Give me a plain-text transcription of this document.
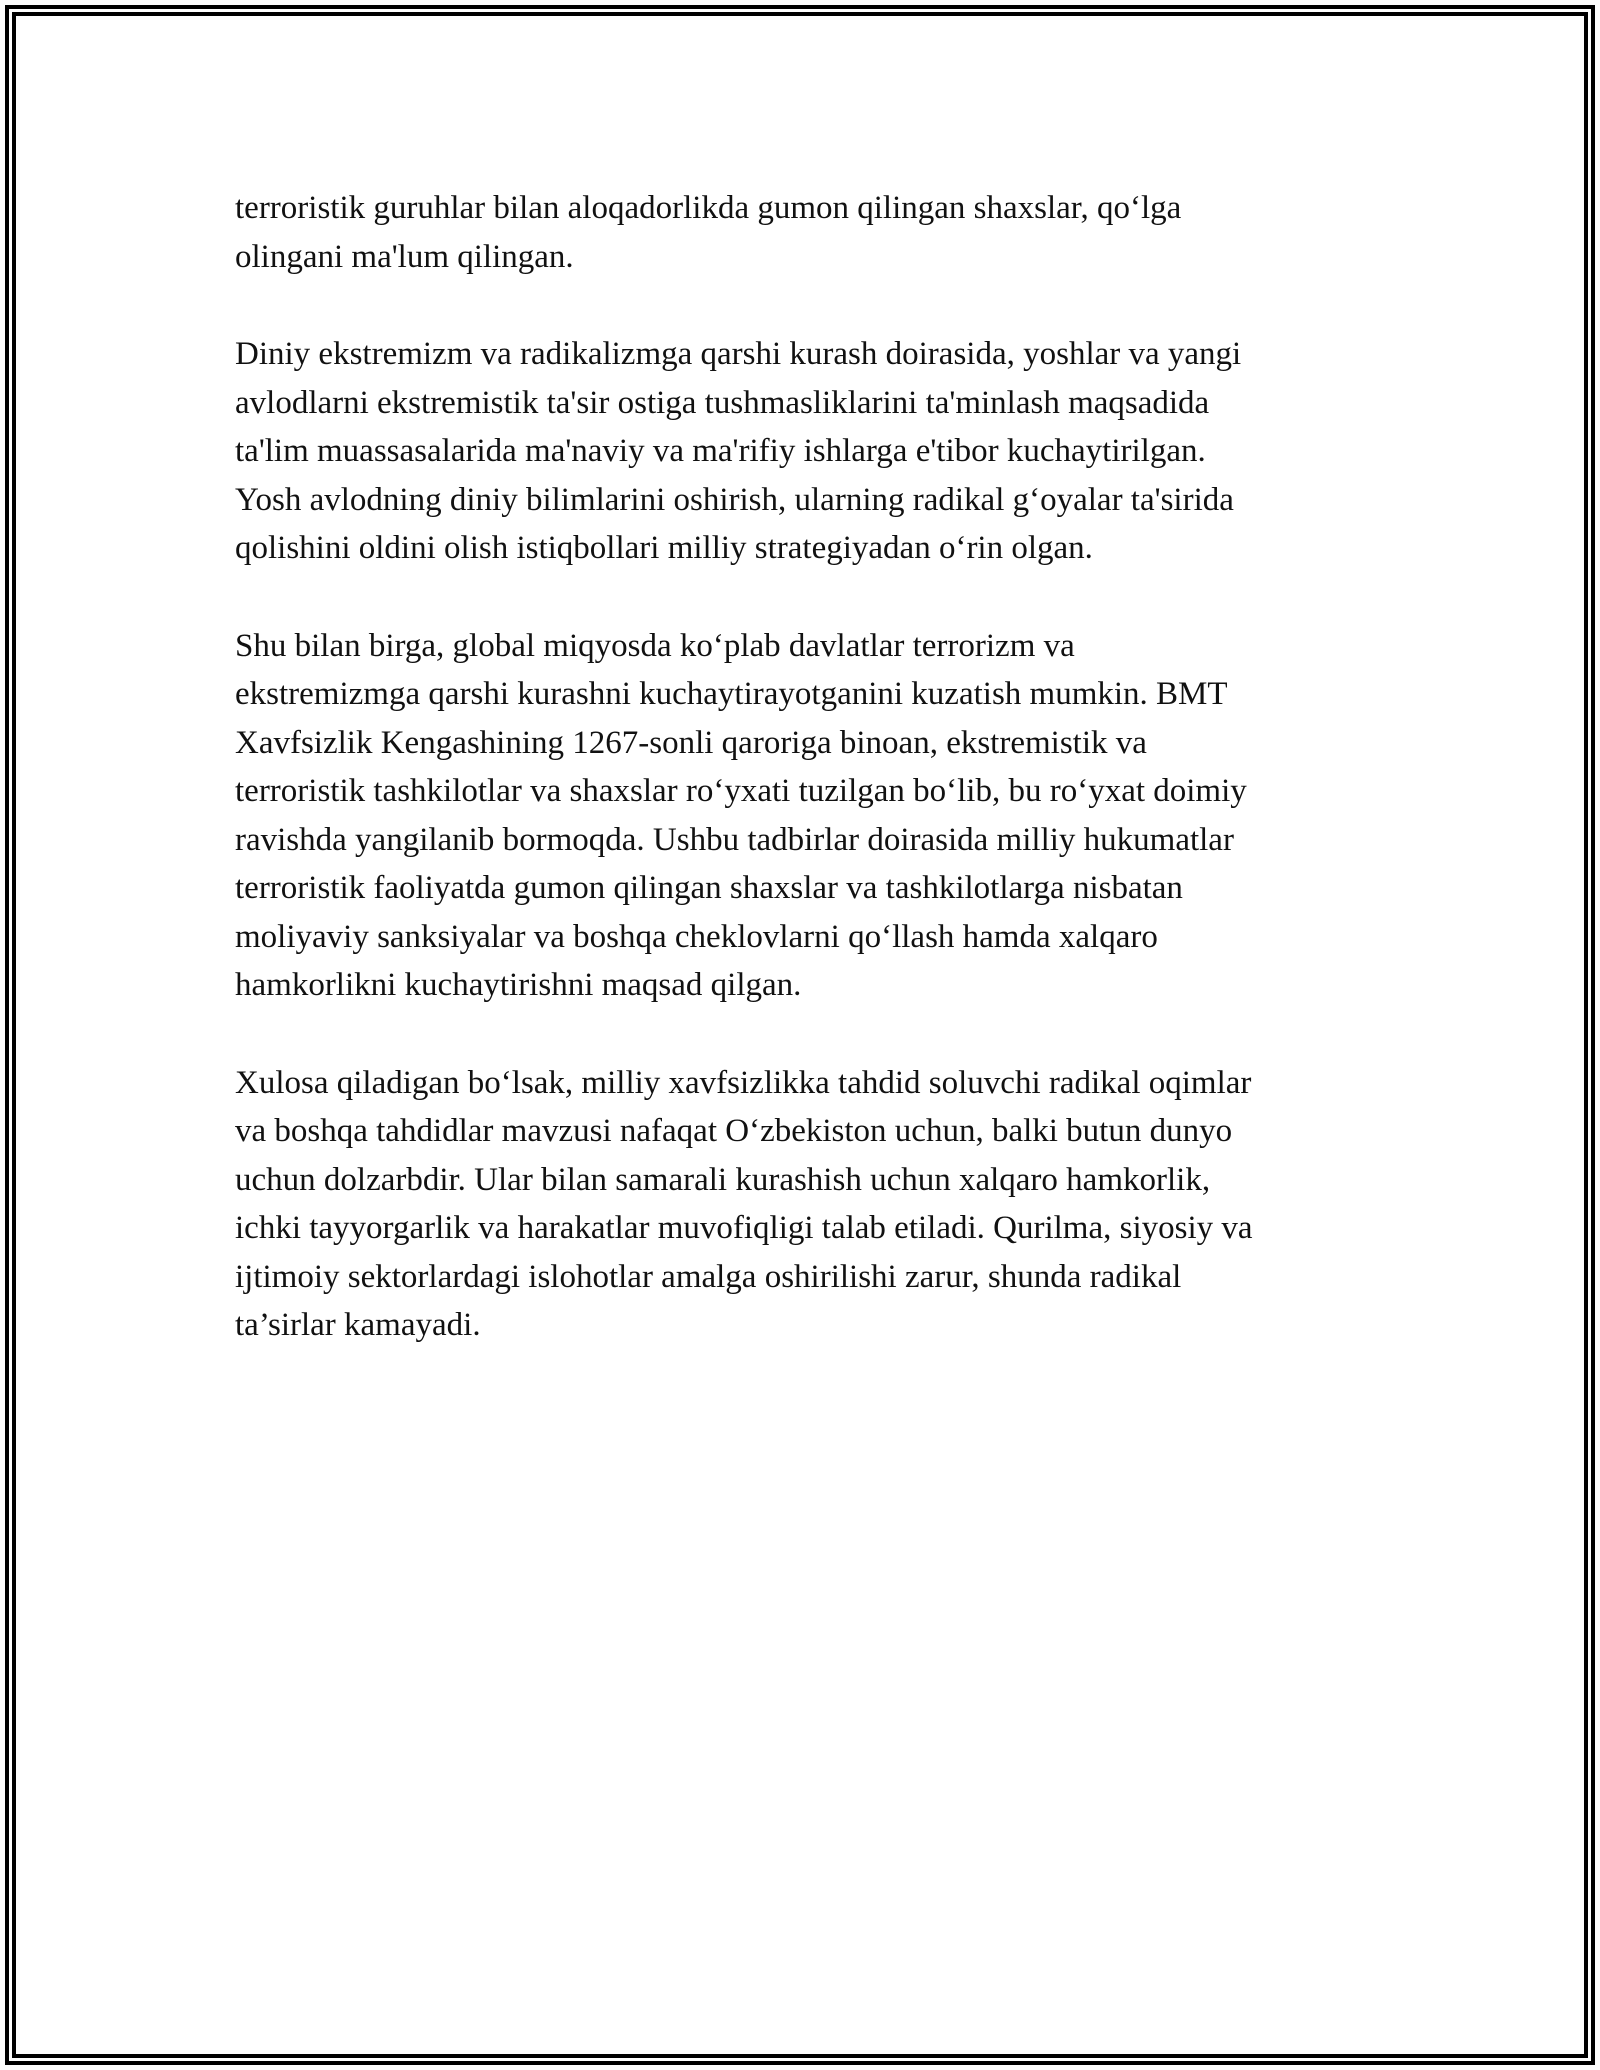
terroristik guruhlar bilan aloqadorlikda gumon qilingan shaxslar, qo‘lga
olingani ma'lum qilingan.

Diniy ekstremizm va radikalizmga qarshi kurash doirasida, yoshlar va yangi
avlodlarni ekstremistik ta'sir ostiga tushmasliklarini ta'minlash maqsadida
ta'lim muassasalarida ma'naviy va ma'rifiy ishlarga e'tibor kuchaytirilgan.
Yosh avlodning diniy bilimlarini oshirish, ularning radikal g‘oyalar ta'sirida
qolishini oldini olish istiqbollari milliy strategiyadan o‘rin olgan.

Shu bilan birga, global miqyosda ko‘plab davlatlar terrorizm va
ekstremizmga qarshi kurashni kuchaytirayotganini kuzatish mumkin. BMT
Xavfsizlik Kengashining 1267-sonli qaroriga binoan, ekstremistik va
terroristik tashkilotlar va shaxslar ro‘yxati tuzilgan bo‘lib, bu ro‘yxat doimiy
ravishda yangilanib bormoqda. Ushbu tadbirlar doirasida milliy hukumatlar
terroristik faoliyatda gumon qilingan shaxslar va tashkilotlarga nisbatan
moliyaviy sanksiyalar va boshqa cheklovlarni qo‘llash hamda xalqaro
hamkorlikni kuchaytirishni maqsad qilgan.

Xulosa qiladigan bo‘lsak, milliy xavfsizlikka tahdid soluvchi radikal oqimlar
va boshqa tahdidlar mavzusi nafaqat O‘zbekiston uchun, balki butun dunyo
uchun dolzarbdir. Ular bilan samarali kurashish uchun xalqaro hamkorlik,
ichki tayyorgarlik va harakatlar muvofiqligi talab etiladi. Qurilma, siyosiy va
ijtimoiy sektorlardagi islohotlar amalga oshirilishi zarur, shunda radikal
ta’sirlar kamayadi.
